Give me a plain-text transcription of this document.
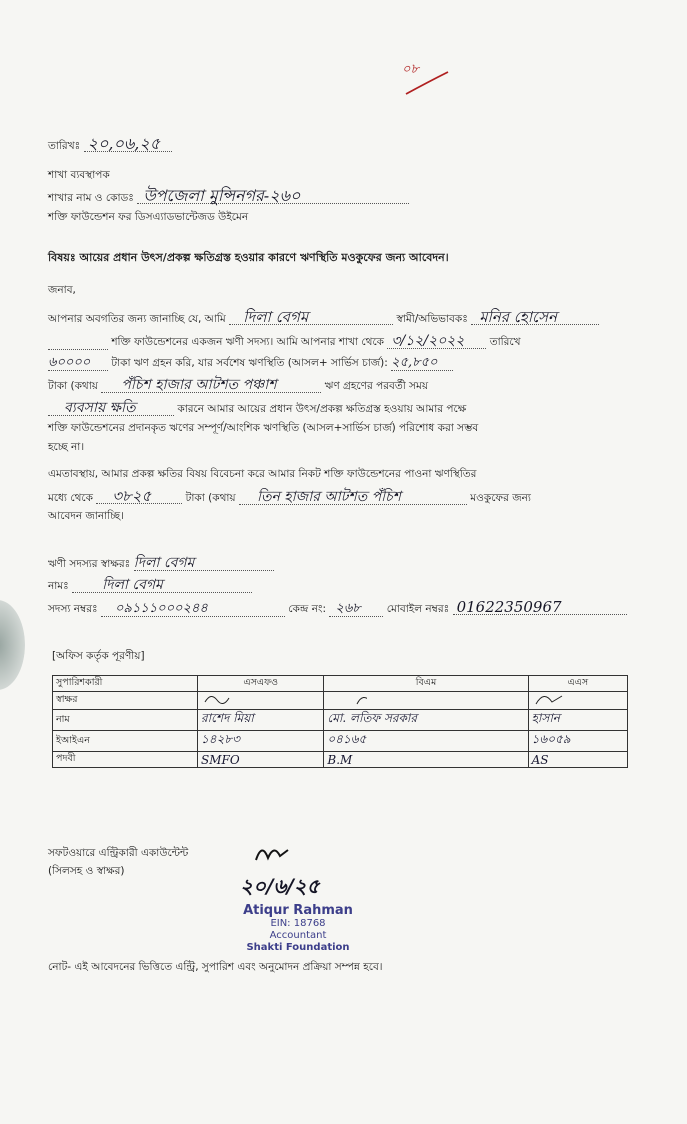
০৮
তারিখঃ ২০,০৬,২৫
শাখা ব্যবস্থাপক
শাখার নাম ও কোডঃ উপজেলা মুন্সিনগর-২৬০
শক্তি ফাউন্ডেশন ফর ডিসএ্যাডভান্টেজড উইমেন
বিষয়ঃ আয়ের প্রধান উৎস/প্রকল্প ক্ষতিগ্রস্ত হওয়ার কারণে ঋণস্থিতি মওকুফের জন্য আবেদন।
জনাব,
আপনার অবগতির জন্য জানাচ্ছি যে, আমি দিলা বেগম	স্বামী/অভিভাবকঃ মনির হোসেন
শক্তি ফাউন্ডেশনের একজন ঋণী সদস্য। আমি আপনার শাখা থেকে ৩/১২/২০২২ তারিখে
৬০০০০ টাকা ঋণ গ্রহন করি, যার সর্বশেষ ঋণস্থিতি (আসল+ সার্ভিস চার্জ): ২৫,৮৫০
টাকা (কথায় পঁচিশ হাজার আটশত পঞ্চাশ	ঋণ গ্রহণের পরবর্তী সময়
ব্যবসায় ক্ষতি	কারনে আমার আয়ের প্রধান উৎস/প্রকল্প ক্ষতিগ্রস্ত হওয়ায় আমার পক্ষে
শক্তি ফাউন্ডেশনের প্রদানকৃত ঋণের সম্পূর্ণ/আংশিক ঋণস্থিতি (আসল+সার্ভিস চার্জ) পরিশোধ করা সম্ভব
হচ্ছে না।
এমতাবস্থায়, আমার প্রকল্প ক্ষতির বিষয় বিবেচনা করে আমার নিকট শক্তি ফাউন্ডেশনের পাওনা ঋণস্থিতির
মধ্যে থেকে ৩৮২৫	টাকা (কথায় তিন হাজার আটশত পঁচিশ	মওকুফের জন্য
আবেদন জানাচ্ছি।
ঋণী সদস্যর স্বাক্ষরঃ দিলা বেগম
নামঃ দিলা বেগম
সদস্য নম্বরঃ ০৯১১১০০০২৪৪	কেন্দ্র নং: ২৬৮ মোবাইল নম্বরঃ 01622350967
[অফিস কর্তৃক পূরণীয়]
সুপারিশকারী	এসএফও	বিএম	এএস
স্বাক্ষর			
নাম	রাশেদ মিয়া	মো. লতিফ সরকার	হাসান
ইআইএন	১৪২৮৩	০৪১৬৫	১৬০৫৯
পদবী	SMFO	B.M	AS
সফটওয়ারে এন্ট্রিকারী একাউন্টেন্ট
(সিলসহ ও স্বাক্ষর)
২০/৬/২৫
Atiqur Rahman
EIN: 18768
Accountant
Shakti Foundation
নোট- এই আবেদনের ভিত্তিতে এন্ট্রি, সুপারিশ এবং অনুমোদন প্রক্রিয়া সম্পন্ন হবে।
